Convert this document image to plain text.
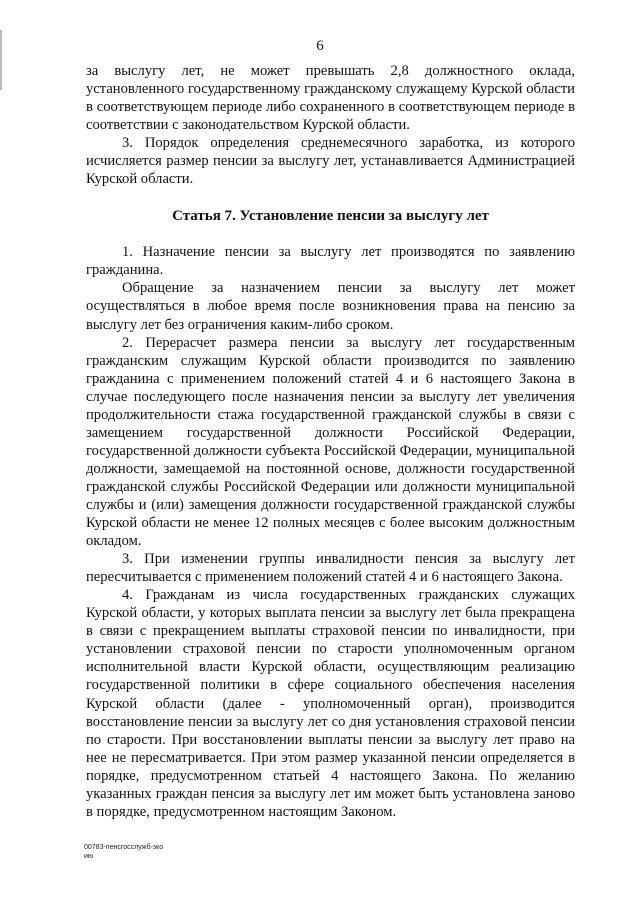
6

за выслугу лет, не может превышать 2,8 должностного оклада, установленного государственному гражданскому служащему Курской области в соответствующем периоде либо сохраненного в соответствующем периоде в соответствии с законодательством Курской области.

3. Порядок определения среднемесячного заработка, из которого исчисляется размер пенсии за выслугу лет, устанавливается Администрацией Курской области.

Статья 7. Установление пенсии за выслугу лет

1. Назначение пенсии за выслугу лет производятся по заявлению гражданина.

Обращение за назначением пенсии за выслугу лет может осуществляться в любое время после возникновения права на пенсию за выслугу лет без ограничения каким-либо сроком.

2. Перерасчет размера пенсии за выслугу лет государственным гражданским служащим Курской области производится по заявлению гражданина с применением положений статей 4 и 6 настоящего Закона в случае последующего после назначения пенсии за выслугу лет увеличения продолжительности стажа государственной гражданской службы в связи с замещением государственной должности Российской Федерации, государственной должности субъекта Российской Федерации, муниципальной должности, замещаемой на постоянной основе, должности государственной гражданской службы Российской Федерации или должности муниципальной службы и (или) замещения должности государственной гражданской службы Курской области не менее 12 полных месяцев с более высоким должностным окладом.

3. При изменении группы инвалидности пенсия за выслугу лет пересчитывается с применением положений статей 4 и 6 настоящего Закона.

4. Гражданам из числа государственных гражданских служащих Курской области, у которых выплата пенсии за выслугу лет была прекращена в связи с прекращением выплаты страховой пенсии по инвалидности, при установлении страховой пенсии по старости уполномоченным органом исполнительной власти Курской области, осуществляющим реализацию государственной политики в сфере социального обеспечения населения Курской области (далее - уполномоченный орган), производится восстановление пенсии за выслугу лет со дня установления страховой пенсии по старости. При восстановлении выплаты пенсии за выслугу лет право на нее не пересматривается. При этом размер указанной пенсии определяется в порядке, предусмотренном статьей 4 настоящего Закона. По желанию указанных граждан пенсия за выслугу лет им может быть установлена заново в порядке, предусмотренном настоящим Законом.

00783-пенсгосслужб-зко
ию
